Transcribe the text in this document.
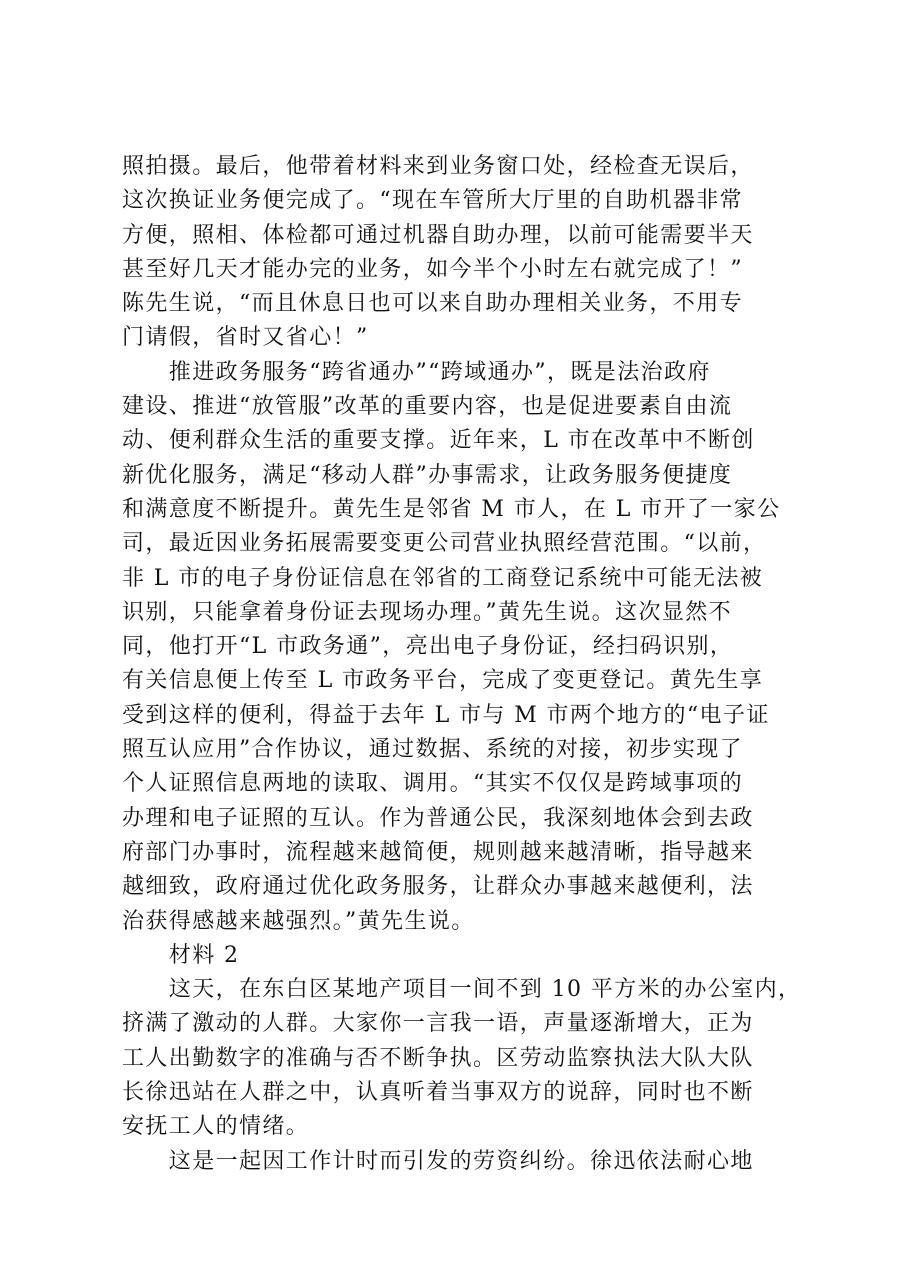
照拍摄。最后，他带着材料来到业务窗口处，经检查无误后，
这次换证业务便完成了。“现在车管所大厅里的自助机器非常
方便，照相、体检都可通过机器自助办理，以前可能需要半天
甚至好几天才能办完的业务，如今半个小时左右就完成了！”
陈先生说，“而且休息日也可以来自助办理相关业务，不用专
门请假，省时又省心！”
　　推进政务服务“跨省通办”“跨域通办”，既是法治政府
建设、推进“放管服”改革的重要内容，也是促进要素自由流
动、便利群众生活的重要支撑。近年来，L 市在改革中不断创
新优化服务，满足“移动人群”办事需求，让政务服务便捷度
和满意度不断提升。黄先生是邻省 M 市人，在 L 市开了一家公
司，最近因业务拓展需要变更公司营业执照经营范围。“以前，
非 L 市的电子身份证信息在邻省的工商登记系统中可能无法被
识别，只能拿着身份证去现场办理。”黄先生说。这次显然不
同，他打开“L 市政务通”，亮出电子身份证，经扫码识别，
有关信息便上传至 L 市政务平台，完成了变更登记。黄先生享
受到这样的便利，得益于去年 L 市与 M 市两个地方的“电子证
照互认应用”合作协议，通过数据、系统的对接，初步实现了
个人证照信息两地的读取、调用。“其实不仅仅是跨域事项的
办理和电子证照的互认。作为普通公民，我深刻地体会到去政
府部门办事时，流程越来越简便，规则越来越清晰，指导越来
越细致，政府通过优化政务服务，让群众办事越来越便利，法
治获得感越来越强烈。”黄先生说。
　　材料 2
　　这天，在东白区某地产项目一间不到 10 平方米的办公室内，
挤满了激动的人群。大家你一言我一语，声量逐渐增大，正为
工人出勤数字的准确与否不断争执。区劳动监察执法大队大队
长徐迅站在人群之中，认真听着当事双方的说辞，同时也不断
安抚工人的情绪。
　　这是一起因工作计时而引发的劳资纠纷。徐迅依法耐心地
